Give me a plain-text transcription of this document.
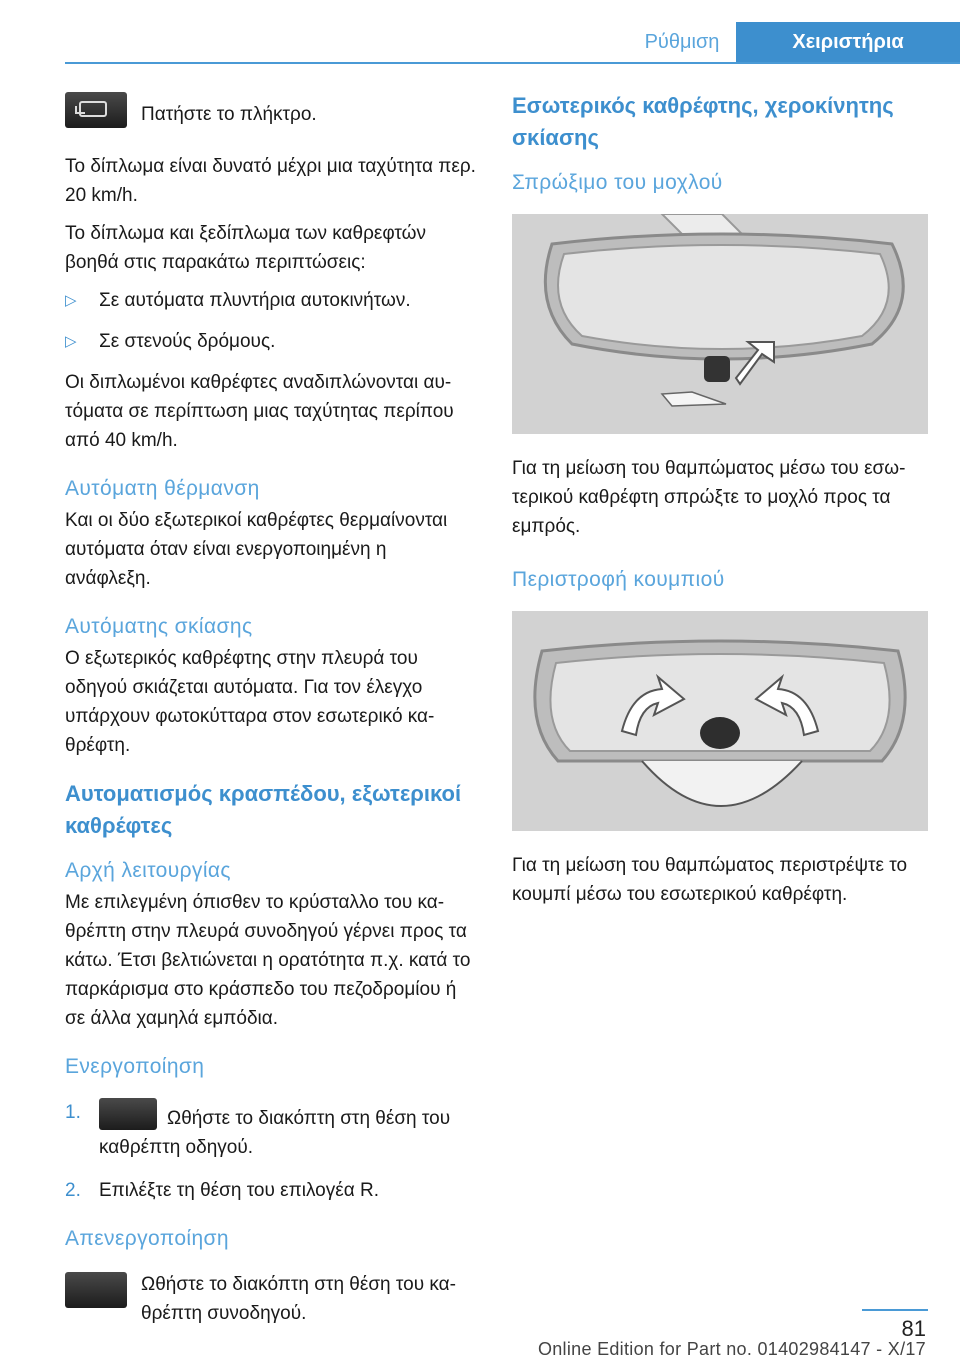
Ρύθμιση	Χειριστήρια

Πατήστε το πλήκτρο.

Το δίπλωμα είναι δυνατό μέχρι μια ταχύτητα περ. 20 km/h.

Το δίπλωμα και ξεδίπλωμα των καθρεφτών βοηθά στις παρακάτω περιπτώσεις:

▷ Σε αυτόματα πλυντήρια αυτοκινήτων.
▷ Σε στενούς δρόμους.

Οι διπλωμένοι καθρέφτες αναδιπλώνονται αυτόματα σε περίπτωση μιας ταχύτητας περίπου από 40 km/h.

Αυτόματη θέρμανση

Και οι δύο εξωτερικοί καθρέφτες θερμαίνονται αυτόματα όταν είναι ενεργοποιημένη η ανάφλεξη.

Αυτόματης σκίασης

Ο εξωτερικός καθρέφτης στην πλευρά του οδηγού σκιάζεται αυτόματα. Για τον έλεγχο υπάρχουν φωτοκύτταρα στον εσωτερικό καθρέφτη.

Αυτοματισμός κρασπέδου, εξωτερικοί καθρέφτες
Αρχή λειτουργίας

Με επιλεγμένη όπισθεν το κρύσταλλο του καθρέπτη στην πλευρά συνοδηγού γέρνει προς τα κάτω. Έτσι βελτιώνεται η ορατότητα π.χ. κατά το παρκάρισμα στο κράσπεδο του πεζοδρομίου ή σε άλλα χαμηλά εμπόδια.

Ενεργοποίηση
1.	Ωθήστε το διακόπτη στη θέση του καθρέπτη οδηγού.
2. Επιλέξτε τη θέση του επιλογέα R.
Απενεργοποίηση

Ωθήστε το διακόπτη στη θέση του καθρέπτη συνοδηγού.

Εσωτερικός καθρέφτης, χεροκίνητης σκίασης
Σπρώξιμο του μοχλού

Για τη μείωση του θαμπώματος μέσω του εσωτερικού καθρέφτη σπρώξτε το μοχλό προς τα εμπρός.

Περιστροφή κουμπιού

Για τη μείωση του θαμπώματος περιστρέψτε το κουμπί μέσω του εσωτερικού καθρέφτη.

81
Online Edition for Part no. 01402984147 - X/17
